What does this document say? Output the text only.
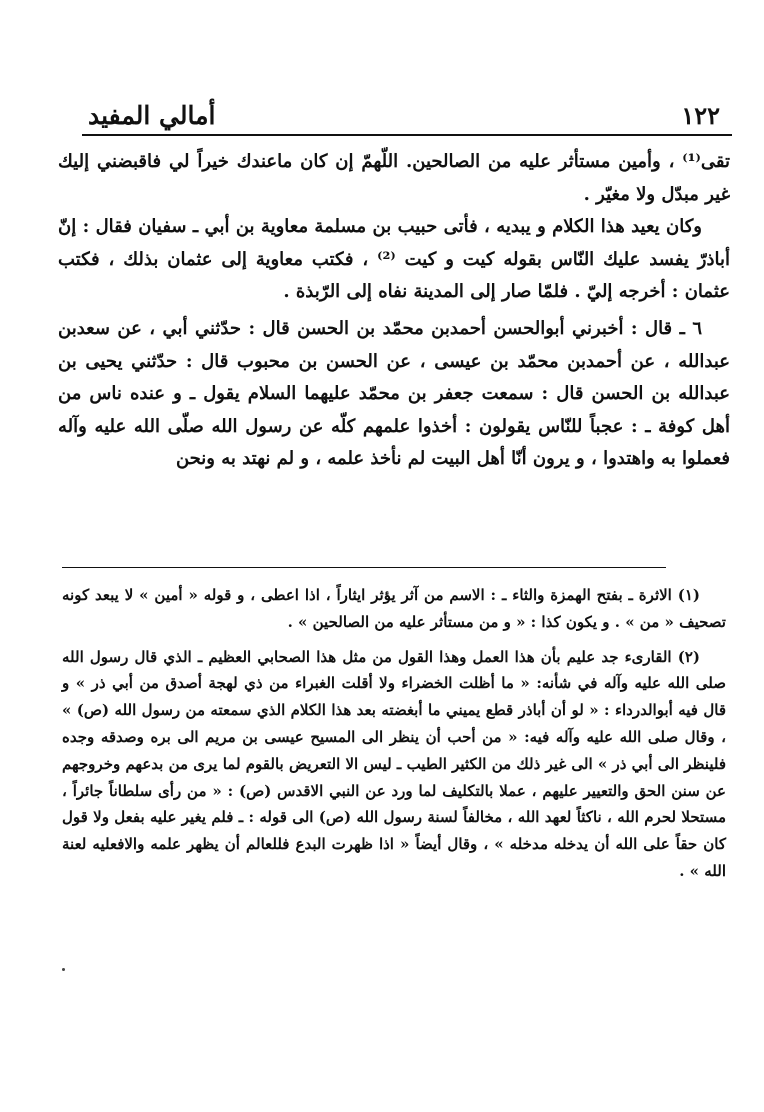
أمالي المفيد	١٢٢

تقى⁽¹⁾ ، وأمين مستأثر عليه من الصالحين. اللّهمّ إن كان ماعندك خيراً لي فاقبضني إليك غير مبدّل ولا مغيّر .

وكان يعيد هذا الكلام و يبديه ، فأتى حبيب بن مسلمة معاوية بن أبي ـ سفيان فقال : إنّ أباذرّ يفسد عليك النّاس بقوله كيت و كيت ⁽²⁾ ، فكتب معاوية إلى عثمان بذلك ، فكتب عثمان : أخرجه إليّ . فلمّا صار إلى المدينة نفاه إلى الرّبذة .

٦ ـ قال : أخبرني أبوالحسن أحمدبن محمّد بن الحسن قال : حدّثني أبي ، عن سعدبن عبدالله ، عن أحمدبن محمّد بن عيسى ، عن الحسن بن محبوب قال : حدّثني يحيى بن عبدالله بن الحسن قال : سمعت جعفر بن محمّد عليهما السلام يقول ـ و عنده ناس من أهل كوفة ـ : عجباً للنّاس يقولون : أخذوا علمهم كلّه عن رسول الله صلّى الله عليه وآله فعملوا به واهتدوا ، و يرون أنّا أهل البيت لم نأخذ علمه ، و لم نهتد به ونحن

(١) الاثرة ـ بفتح الهمزة والثاء ـ : الاسم من آثر يؤثر ايثاراً ، اذا اعطى ، و قوله « أمين » لا يبعد كونه تصحيف « من » . و يكون كذا : « و من مستأثر عليه من الصالحين » .

(٢) القارىء جد عليم بأن هذا العمل وهذا القول من مثل هذا الصحابي العظيم ـ الذي قال رسول الله صلى الله عليه وآله في شأنه: « ما أظلت الخضراء ولا أقلت الغبراء من ذي لهجة أصدق من أبي ذر » و قال فيه أبوالدرداء : « لو أن أباذر قطع يميني ما أبغضته بعد هذا الكلام الذي سمعته من رسول الله (ص) » ، وقال صلى الله عليه وآله فيه: « من أحب أن ينظر الى المسيح عيسى بن مريم الى بره وصدقه وجده فلينظر الى أبي ذر » الى غير ذلك من الكثير الطيب ـ ليس الا التعريض بالقوم لما يرى من بدعهم وخروجهم عن سنن الحق والتعيير عليهم ، عملا بالتكليف لما ورد عن النبي الاقدس (ص) : « من رأى سلطاناً جائراً ، مستحلا لحرم الله ، ناكثاً لعهد الله ، مخالفاً لسنة رسول الله (ص) الى قوله : ـ فلم يغير عليه بفعل ولا قول كان حقاً على الله أن يدخله مدخله » ، وقال أيضاً « اذا ظهرت البدع فللعالم أن يظهر علمه والافعليه لعنة الله » .
